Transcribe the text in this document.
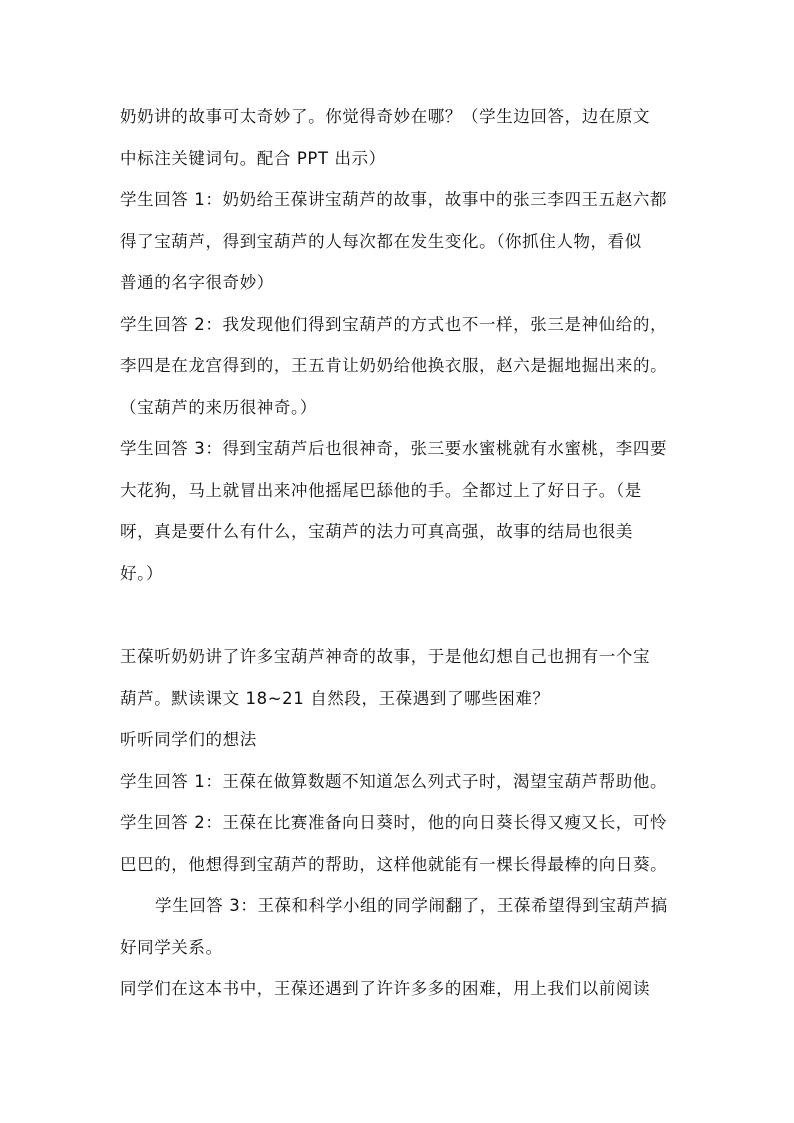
奶奶讲的故事可太奇妙了。你觉得奇妙在哪？（学生边回答，边在原文
中标注关键词句。配合 PPT 出示）
学生回答 1：奶奶给王葆讲宝葫芦的故事，故事中的张三李四王五赵六都
得了宝葫芦，得到宝葫芦的人每次都在发生变化。（你抓住人物，看似
普通的名字很奇妙）
学生回答 2：我发现他们得到宝葫芦的方式也不一样，张三是神仙给的，
李四是在龙宫得到的，王五肯让奶奶给他换衣服，赵六是掘地掘出来的。
（宝葫芦的来历很神奇。）
学生回答 3：得到宝葫芦后也很神奇，张三要水蜜桃就有水蜜桃，李四要
大花狗，马上就冒出来冲他摇尾巴舔他的手。全都过上了好日子。（是
呀，真是要什么有什么，宝葫芦的法力可真高强，故事的结局也很美
好。）
王葆听奶奶讲了许多宝葫芦神奇的故事，于是他幻想自己也拥有一个宝
葫芦。默读课文 18~21 自然段，王葆遇到了哪些困难？
听听同学们的想法
学生回答 1：王葆在做算数题不知道怎么列式子时，渴望宝葫芦帮助他。
学生回答 2：王葆在比赛准备向日葵时，他的向日葵长得又瘦又长，可怜
巴巴的，他想得到宝葫芦的帮助，这样他就能有一棵长得最棒的向日葵。
学生回答 3：王葆和科学小组的同学闹翻了，王葆希望得到宝葫芦搞
好同学关系。
同学们在这本书中，王葆还遇到了许许多多的困难，用上我们以前阅读
